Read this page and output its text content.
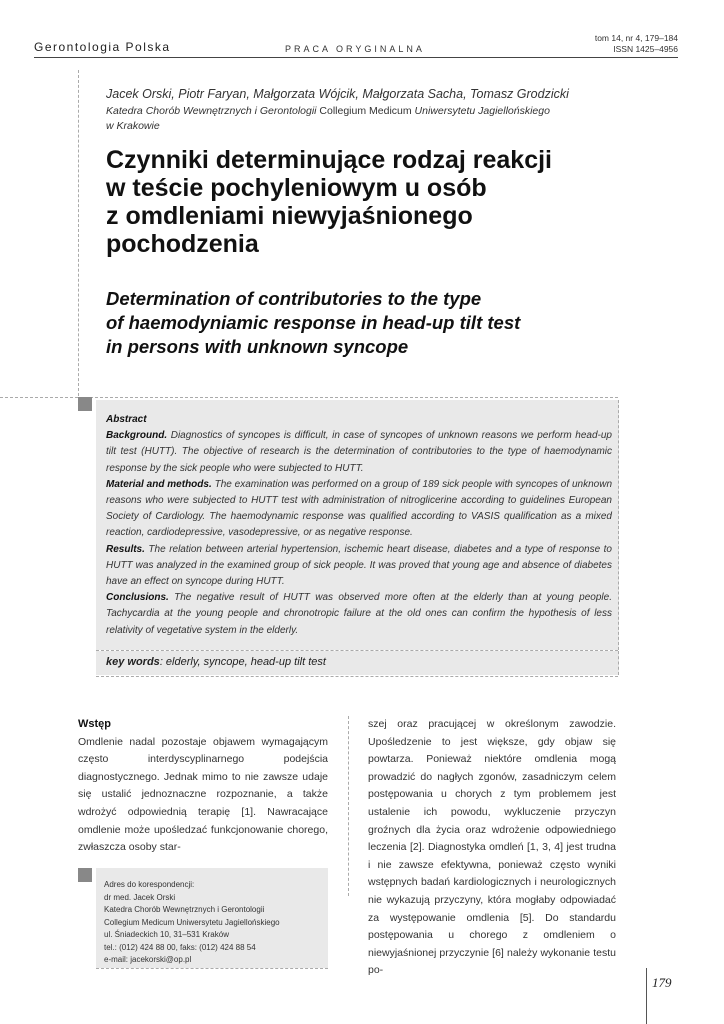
Gerontologia Polska	PRACA ORYGINALNA
tom 14, nr 4, 179–184
ISSN 1425–4956
Jacek Orski, Piotr Faryan, Małgorzata Wójcik, Małgorzata Sacha, Tomasz Grodzicki
Katedra Chorób Wewnętrznych i Gerontologii Collegium Medicum Uniwersytetu Jagiellońskiego
w Krakowie
Czynniki determinujące rodzaj reakcji
w teście pochyleniowym u osób
z omdleniami niewyjaśnionego
pochodzenia
Determination of contributories to the type
of haemodyniamic response in head-up tilt test
in persons with unknown syncope

Abstract

Background. Diagnostics of syncopes is difficult, in case of syncopes of unknown reasons we perform head-up tilt test (HUTT). The objective of research is the determination of contributories to the type of haemodynamic response by the sick people who were subjected to HUTT.

Material and methods. The examination was performed on a group of 189 sick people with syncopes of unknown reasons who were subjected to HUTT test with administration of nitroglicerine according to guidelines European Society of Cardiology. The haemodynamic response was qualified according to VASIS qualification as a mixed reaction, cardiodepressive, vasodepressive, or as negative response.

Results. The relation between arterial hypertension, ischemic heart disease, diabetes and a type of response to HUTT was analyzed in the examined group of sick people. It was proved that young age and absence of diabetes have an effect on syncope during HUTT.

Conclusions. The negative result of HUTT was observed more often at the elderly than at young people. Tachycardia at the young people and chronotropic failure at the old ones can confirm the hypothesis of less relativity of vegetative system in the elderly.

key words: elderly, syncope, head-up tilt test
Wstęp

Omdlenie nadal pozostaje objawem wymagającym często interdyscyplinarnego podejścia diagnostycznego. Jednak mimo to nie zawsze udaje się ustalić jednoznaczne rozpoznanie, a także wdrożyć odpowiednią terapię [1]. Nawracające omdlenie może upośledzać funkcjonowanie chorego, zwłaszcza osoby star-

szej oraz pracującej w określonym zawodzie. Upośledzenie to jest większe, gdy objaw się powtarza. Ponieważ niektóre omdlenia mogą prowadzić do nagłych zgonów, zasadniczym celem postępowania u chorych z tym problemem jest ustalenie ich powodu, wykluczenie przyczyn groźnych dla życia oraz wdrożenie odpowiedniego leczenia [2]. Diagnostyka omdleń [1, 3, 4] jest trudna i nie zawsze efektywna, ponieważ często wyniki wstępnych badań kardiologicznych i neurologicznych nie wykazują przyczyny, która mogłaby odpowiadać za występowanie omdlenia [5]. Do standardu postępowania u chorego z omdleniem o niewyjaśnionej przyczynie [6] należy wykonanie testu po-

Adres do korespondencji:

dr med. Jacek Orski

Katedra Chorób Wewnętrznych i Gerontologii

Collegium Medicum Uniwersytetu Jagiellońskiego

ul. Śniadeckich 10, 31–531 Kraków

tel.: (012) 424 88 00, faks: (012) 424 88 54

e-mail: jacekorski@op.pl

179
